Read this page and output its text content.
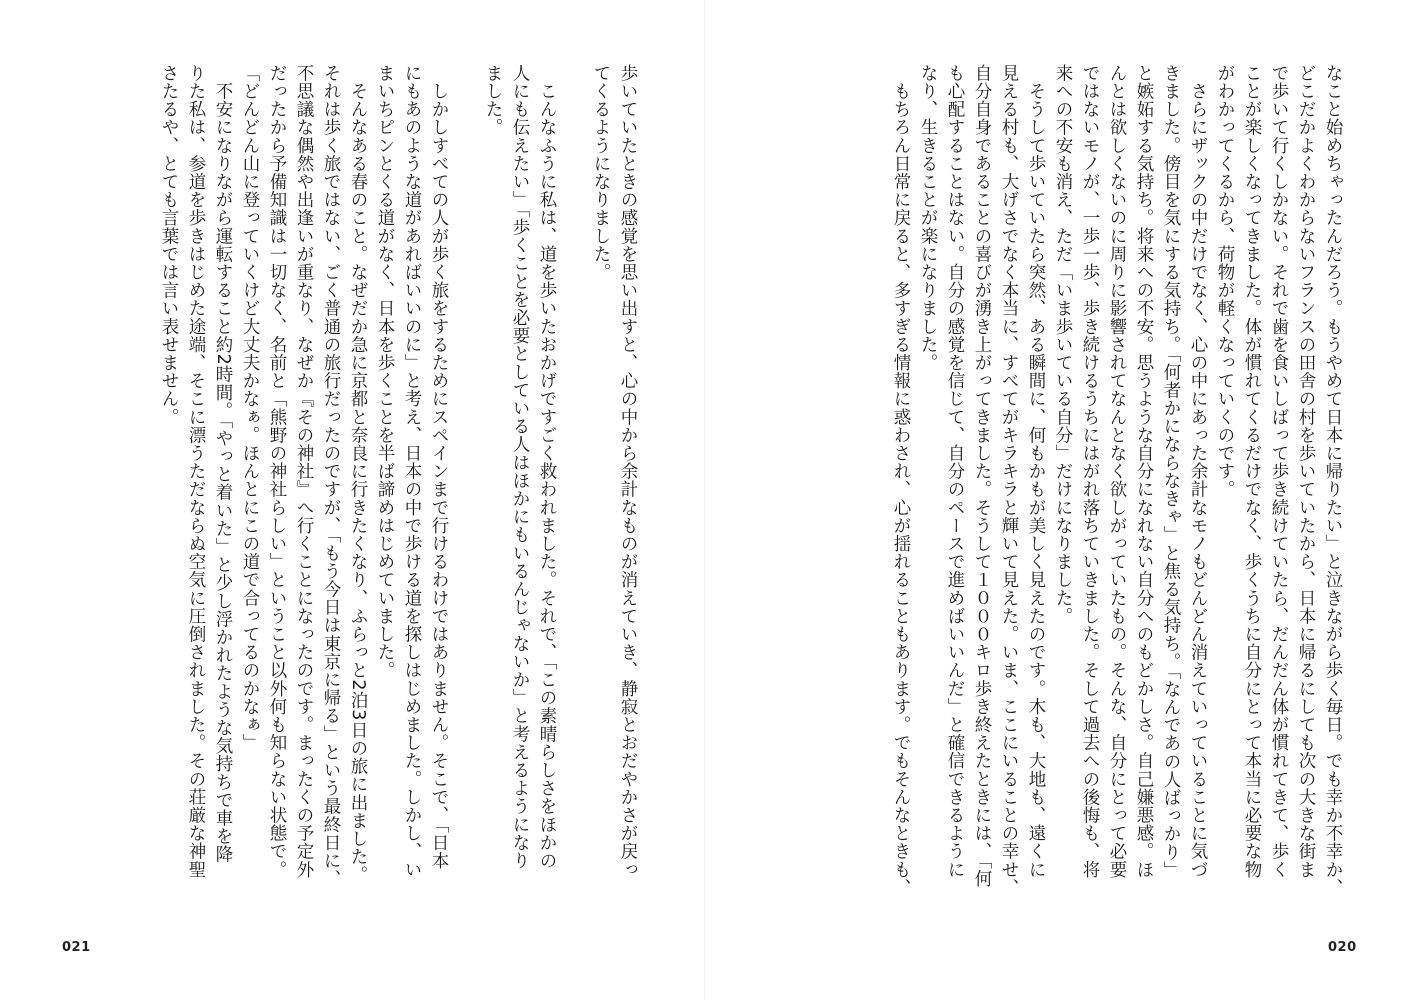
なこと始めちゃったんだろう。もうやめて日本に帰りたい」と泣きながら歩く毎日。でも幸か不幸か、
どこだかよくわからないフランスの田舎の村を歩いていたから、日本に帰るにしても次の大きな街ま
で歩いて行くしかない。それで歯を食いしばって歩き続けていたら、だんだん体が慣れてきて、歩く
ことが楽しくなってきました。体が慣れてくるだけでなく、歩くうちに自分にとって本当に必要な物
がわかってくるから、荷物が軽くなっていくのです。
　さらにザックの中だけでなく、心の中にあった余計なモノもどんどん消えていっていることに気づ
きました。傍目を気にする気持ち。「何者かにならなきゃ」と焦る気持ち。「なんであの人ばっかり」
と嫉妬する気持ち。将来への不安。思うような自分になれない自分へのもどかしさ。自己嫌悪感。ほ
んとは欲しくないのに周りに影響されてなんとなく欲しがっていたもの。そんな、自分にとって必要
ではないモノが、一歩一歩、歩き続けるうちにはがれ落ちていきました。そして過去への後悔も、将
来への不安も消え、ただ「いま歩いている自分」だけになりました。
　そうして歩いていたら突然、ある瞬間に、何もかもが美しく見えたのです。木も、大地も、遠くに
見える村も、大げさでなく本当に、すべてがキラキラと輝いて見えた。いま、ここにいることの幸せ、
自分自身であることの喜びが湧き上がってきました。そうして１０００キロ歩き終えたときには、「何
も心配することはない。自分の感覚を信じて、自分のペースで進めばいいんだ」と確信できるように
なり、生きることが楽になりました。
　もちろん日常に戻ると、多すぎる情報に惑わされ、心が揺れることもあります。でもそんなときも、
020
歩いていたときの感覚を思い出すと、心の中から余計なものが消えていき、静寂とおだやかさが戻っ
てくるようになりました。
　こんなふうに私は、道を歩いたおかげですごく救われました。それで、「この素晴らしさをほかの
人にも伝えたい」「歩くことを必要としている人はほかにもいるんじゃないか」と考えるようになり
ました。
　しかしすべての人が歩く旅をするためにスペインまで行けるわけではありません。そこで、「日本
にもあのような道があればいいのに」と考え、日本の中で歩ける道を探しはじめました。しかし、い
まいちピンとくる道がなく、日本を歩くことを半ば諦めはじめていました。
　そんなある春のこと。なぜだか急に京都と奈良に行きたくなり、ふらっと2泊3日の旅に出ました。
それは歩く旅ではない、ごく普通の旅行だったのですが、「もう今日は東京に帰る」という最終日に、
不思議な偶然や出逢いが重なり、なぜか『その神社』へ行くことになったのです。まったくの予定外
だったから予備知識は一切なく、名前と「熊野の神社らしい」ということ以外何も知らない状態で。
「どんどん山に登っていくけど大丈夫かなぁ。ほんとにこの道で合ってるのかなぁ」
　不安になりながら運転すること約2時間。「やっと着いた」と少し浮かれたような気持ちで車を降
りた私は、参道を歩きはじめた途端、そこに漂うただならぬ空気に圧倒されました。その荘厳な神聖
さたるや、とても言葉では言い表せません。
021
